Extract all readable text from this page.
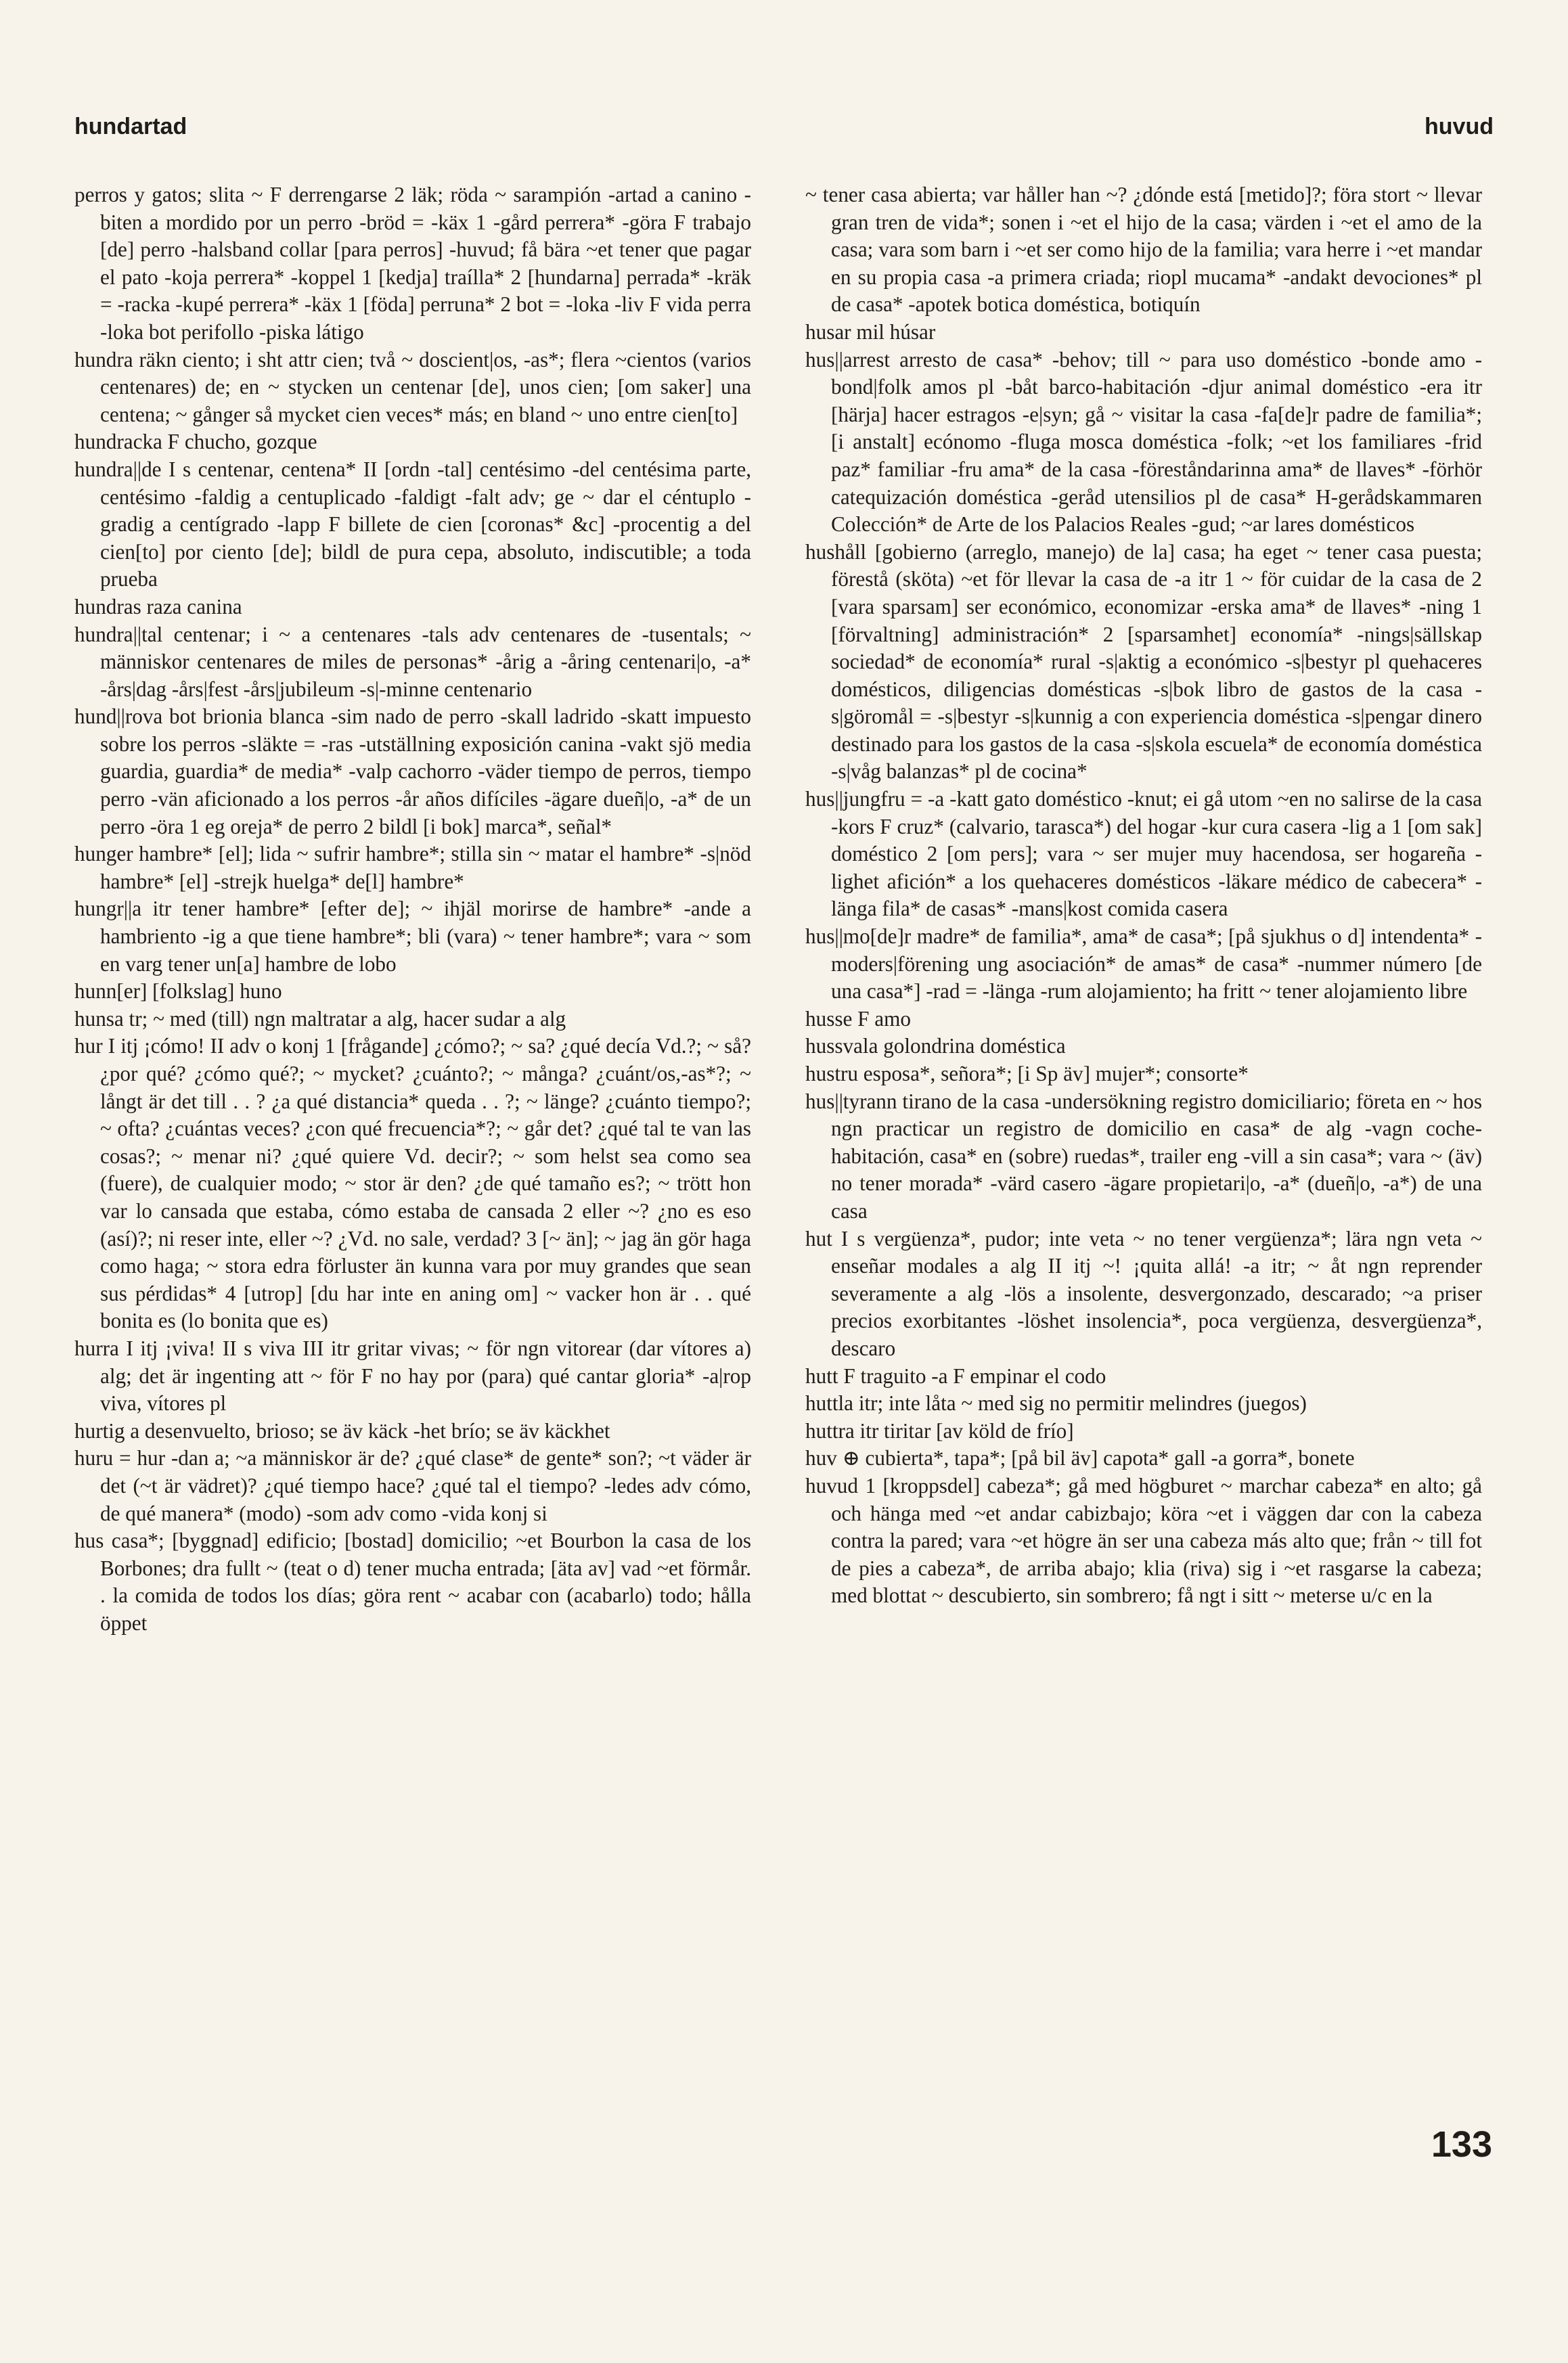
hundartad	huvud

perros y gatos; slita ~ F derrengarse 2 läk; röda ~ sarampión -artad a canino -biten a mordido por un perro -bröd = -käx 1 -gård perrera* -göra F trabajo [de] perro -halsband collar [para perros] -huvud; få bära ~et tener que pagar el pato -koja perrera* -koppel 1 [kedja] traílla* 2 [hundarna] perrada* -kräk = -racka -kupé perrera* -käx 1 [föda] perruna* 2 bot = -loka -liv F vida perra -loka bot perifollo -piska látigo

hundra räkn ciento; i sht attr cien; två ~ doscient|os, -as*; flera ~cientos (varios centenares) de; en ~ stycken un centenar [de], unos cien; [om saker] una centena; ~ gånger så mycket cien veces* más; en bland ~ uno entre cien[to]

hundracka F chucho, gozque

hundra||de I s centenar, centena* II [ordn -tal] centésimo -del centésima parte, centésimo -faldig a centuplicado -faldigt -falt adv; ge ~ dar el céntuplo -gradig a centígrado -lapp F billete de cien [coronas* &c] -procentig a del cien[to] por ciento [de]; bildl de pura cepa, absoluto, indiscutible; a toda prueba

hundras raza canina

hundra||tal centenar; i ~ a centenares -tals adv centenares de -tusentals; ~ människor centenares de miles de personas* -årig a -åring centenari|o, -a* -års|dag -års|fest -års|jubileum -s|-minne centenario

hund||rova bot brionia blanca -sim nado de perro -skall ladrido -skatt impuesto sobre los perros -släkte = -ras -utställning exposición canina -vakt sjö media guardia, guardia* de media* -valp cachorro -väder tiempo de perros, tiempo perro -vän aficionado a los perros -år años difíciles -ägare dueñ|o, -a* de un perro -öra 1 eg oreja* de perro 2 bildl [i bok] marca*, señal*

hunger hambre* [el]; lida ~ sufrir hambre*; stilla sin ~ matar el hambre* -s|nöd hambre* [el] -strejk huelga* de[l] hambre*

hungr||a itr tener hambre* [efter de]; ~ ihjäl morirse de hambre* -ande a hambriento -ig a que tiene hambre*; bli (vara) ~ tener hambre*; vara ~ som en varg tener un[a] hambre de lobo

hunn[er] [folkslag] huno

hunsa tr; ~ med (till) ngn maltratar a alg, hacer sudar a alg

hur I itj ¡cómo! II adv o konj 1 [frågande] ¿cómo?; ~ sa? ¿qué decía Vd.?; ~ så? ¿por qué? ¿cómo qué?; ~ mycket? ¿cuánto?; ~ många? ¿cuánt/os,-as*?; ~ långt är det till . . ? ¿a qué distancia* queda . . ?; ~ länge? ¿cuánto tiempo?; ~ ofta? ¿cuántas veces? ¿con qué frecuencia*?; ~ går det? ¿qué tal te van las cosas?; ~ menar ni? ¿qué quiere Vd. decir?; ~ som helst sea como sea (fuere), de cualquier modo; ~ stor är den? ¿de qué tamaño es?; ~ trött hon var lo cansada que estaba, cómo estaba de cansada 2 eller ~? ¿no es eso (así)?; ni reser inte, eller ~? ¿Vd. no sale, verdad? 3 [~ än]; ~ jag än gör haga como haga; ~ stora edra förluster än kunna vara por muy grandes que sean sus pérdidas* 4 [utrop] [du har inte en aning om] ~ vacker hon är . . qué bonita es (lo bonita que es)

hurra I itj ¡viva! II s viva III itr gritar vivas; ~ för ngn vitorear (dar vítores a) alg; det är ingenting att ~ för F no hay por (para) qué cantar gloria* -a|rop viva, vítores pl

hurtig a desenvuelto, brioso; se äv käck -het brío; se äv käckhet

huru = hur -dan a; ~a människor är de? ¿qué clase* de gente* son?; ~t väder är det (~t är vädret)? ¿qué tiempo hace? ¿qué tal el tiempo? -ledes adv cómo, de qué manera* (modo) -som adv como -vida konj si

hus casa*; [byggnad] edificio; [bostad] domicilio; ~et Bourbon la casa de los Borbones; dra fullt ~ (teat o d) tener mucha entrada; [äta av] vad ~et förmår. . la comida de todos los días; göra rent ~ acabar con (acabarlo) todo; hålla öppet

~ tener casa abierta; var håller han ~? ¿dónde está [metido]?; föra stort ~ llevar gran tren de vida*; sonen i ~et el hijo de la casa; värden i ~et el amo de la casa; vara som barn i ~et ser como hijo de la familia; vara herre i ~et mandar en su propia casa -a primera criada; riopl mucama* -andakt devociones* pl de casa* -apotek botica doméstica, botiquín

husar mil húsar

hus||arrest arresto de casa* -behov; till ~ para uso doméstico -bonde amo -bond|folk amos pl -båt barco-habitación -djur animal doméstico -era itr [härja] hacer estragos -e|syn; gå ~ visitar la casa -fa[de]r padre de familia*; [i anstalt] ecónomo -fluga mosca doméstica -folk; ~et los familiares -frid paz* familiar -fru ama* de la casa -föreståndarinna ama* de llaves* -förhör catequización doméstica -geråd utensilios pl de casa* H-gerådskammaren Colección* de Arte de los Palacios Reales -gud; ~ar lares domésticos

hushåll [gobierno (arreglo, manejo) de la] casa; ha eget ~ tener casa puesta; förestå (sköta) ~et för llevar la casa de -a itr 1 ~ för cuidar de la casa de 2 [vara sparsam] ser económico, economizar -erska ama* de llaves* -ning 1 [förvaltning] administración* 2 [sparsamhet] economía* -nings|sällskap sociedad* de economía* rural -s|aktig a económico -s|bestyr pl quehaceres domésticos, diligencias domésticas -s|bok libro de gastos de la casa -s|göromål = -s|bestyr -s|kunnig a con experiencia doméstica -s|pengar dinero destinado para los gastos de la casa -s|skola escuela* de economía doméstica -s|våg balanzas* pl de cocina*

hus||jungfru = -a -katt gato doméstico -knut; ei gå utom ~en no salirse de la casa -kors F cruz* (calvario, tarasca*) del hogar -kur cura casera -lig a 1 [om sak] doméstico 2 [om pers]; vara ~ ser mujer muy hacendosa, ser hogareña -lighet afición* a los quehaceres domésticos -läkare médico de cabecera* -länga fila* de casas* -mans|kost comida casera

hus||mo[de]r madre* de familia*, ama* de casa*; [på sjukhus o d] intendenta* -moders|förening ung asociación* de amas* de casa* -nummer número [de una casa*] -rad = -länga -rum alojamiento; ha fritt ~ tener alojamiento libre

husse F amo

hussvala golondrina doméstica

hustru esposa*, señora*; [i Sp äv] mujer*; consorte*

hus||tyrann tirano de la casa -undersökning registro domiciliario; företa en ~ hos ngn practicar un registro de domicilio en casa* de alg -vagn coche-habitación, casa* en (sobre) ruedas*, trailer eng -vill a sin casa*; vara ~ (äv) no tener morada* -värd casero -ägare propietari|o, -a* (dueñ|o, -a*) de una casa

hut I s vergüenza*, pudor; inte veta ~ no tener vergüenza*; lära ngn veta ~ enseñar modales a alg II itj ~! ¡quita allá! -a itr; ~ åt ngn reprender severamente a alg -lös a insolente, desvergonzado, descarado; ~a priser precios exorbitantes -löshet insolencia*, poca vergüenza, desvergüenza*, descaro

hutt F traguito -a F empinar el codo

huttla itr; inte låta ~ med sig no permitir melindres (juegos)

huttra itr tiritar [av köld de frío]

huv ⊕ cubierta*, tapa*; [på bil äv] capota* gall -a gorra*, bonete

huvud 1 [kroppsdel] cabeza*; gå med högburet ~ marchar cabeza* en alto; gå och hänga med ~et andar cabizbajo; köra ~et i väggen dar con la cabeza contra la pared; vara ~et högre än ser una cabeza más alto que; från ~ till fot de pies a cabeza*, de arriba abajo; klia (riva) sig i ~et rasgarse la cabeza; med blottat ~ descubierto, sin sombrero; få ngt i sitt ~ meterse u/c en la

133
